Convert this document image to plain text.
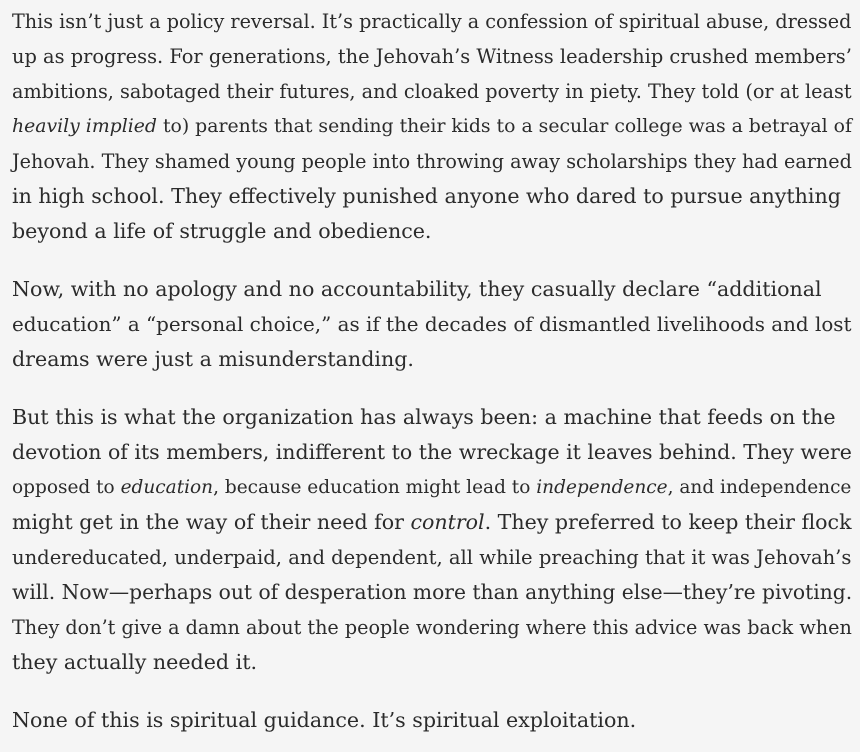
This isn’t just a policy reversal. It’s practically a confession of spiritual abuse, dressed
up as progress. For generations, the Jehovah’s Witness leadership crushed members’
ambitions, sabotaged their futures, and cloaked poverty in piety. They told (or at least
heavily implied to) parents that sending their kids to a secular college was a betrayal of
Jehovah. They shamed young people into throwing away scholarships they had earned
in high school. They effectively punished anyone who dared to pursue anything
beyond a life of struggle and obedience.

Now, with no apology and no accountability, they casually declare “additional
education” a “personal choice,” as if the decades of dismantled livelihoods and lost
dreams were just a misunderstanding.

But this is what the organization has always been: a machine that feeds on the
devotion of its members, indifferent to the wreckage it leaves behind. They were
opposed to education, because education might lead to independence, and independence
might get in the way of their need for control. They preferred to keep their flock
undereducated, underpaid, and dependent, all while preaching that it was Jehovah’s
will. Now—perhaps out of desperation more than anything else—they’re pivoting.
They don’t give a damn about the people wondering where this advice was back when
they actually needed it.

None of this is spiritual guidance. It’s spiritual exploitation.
